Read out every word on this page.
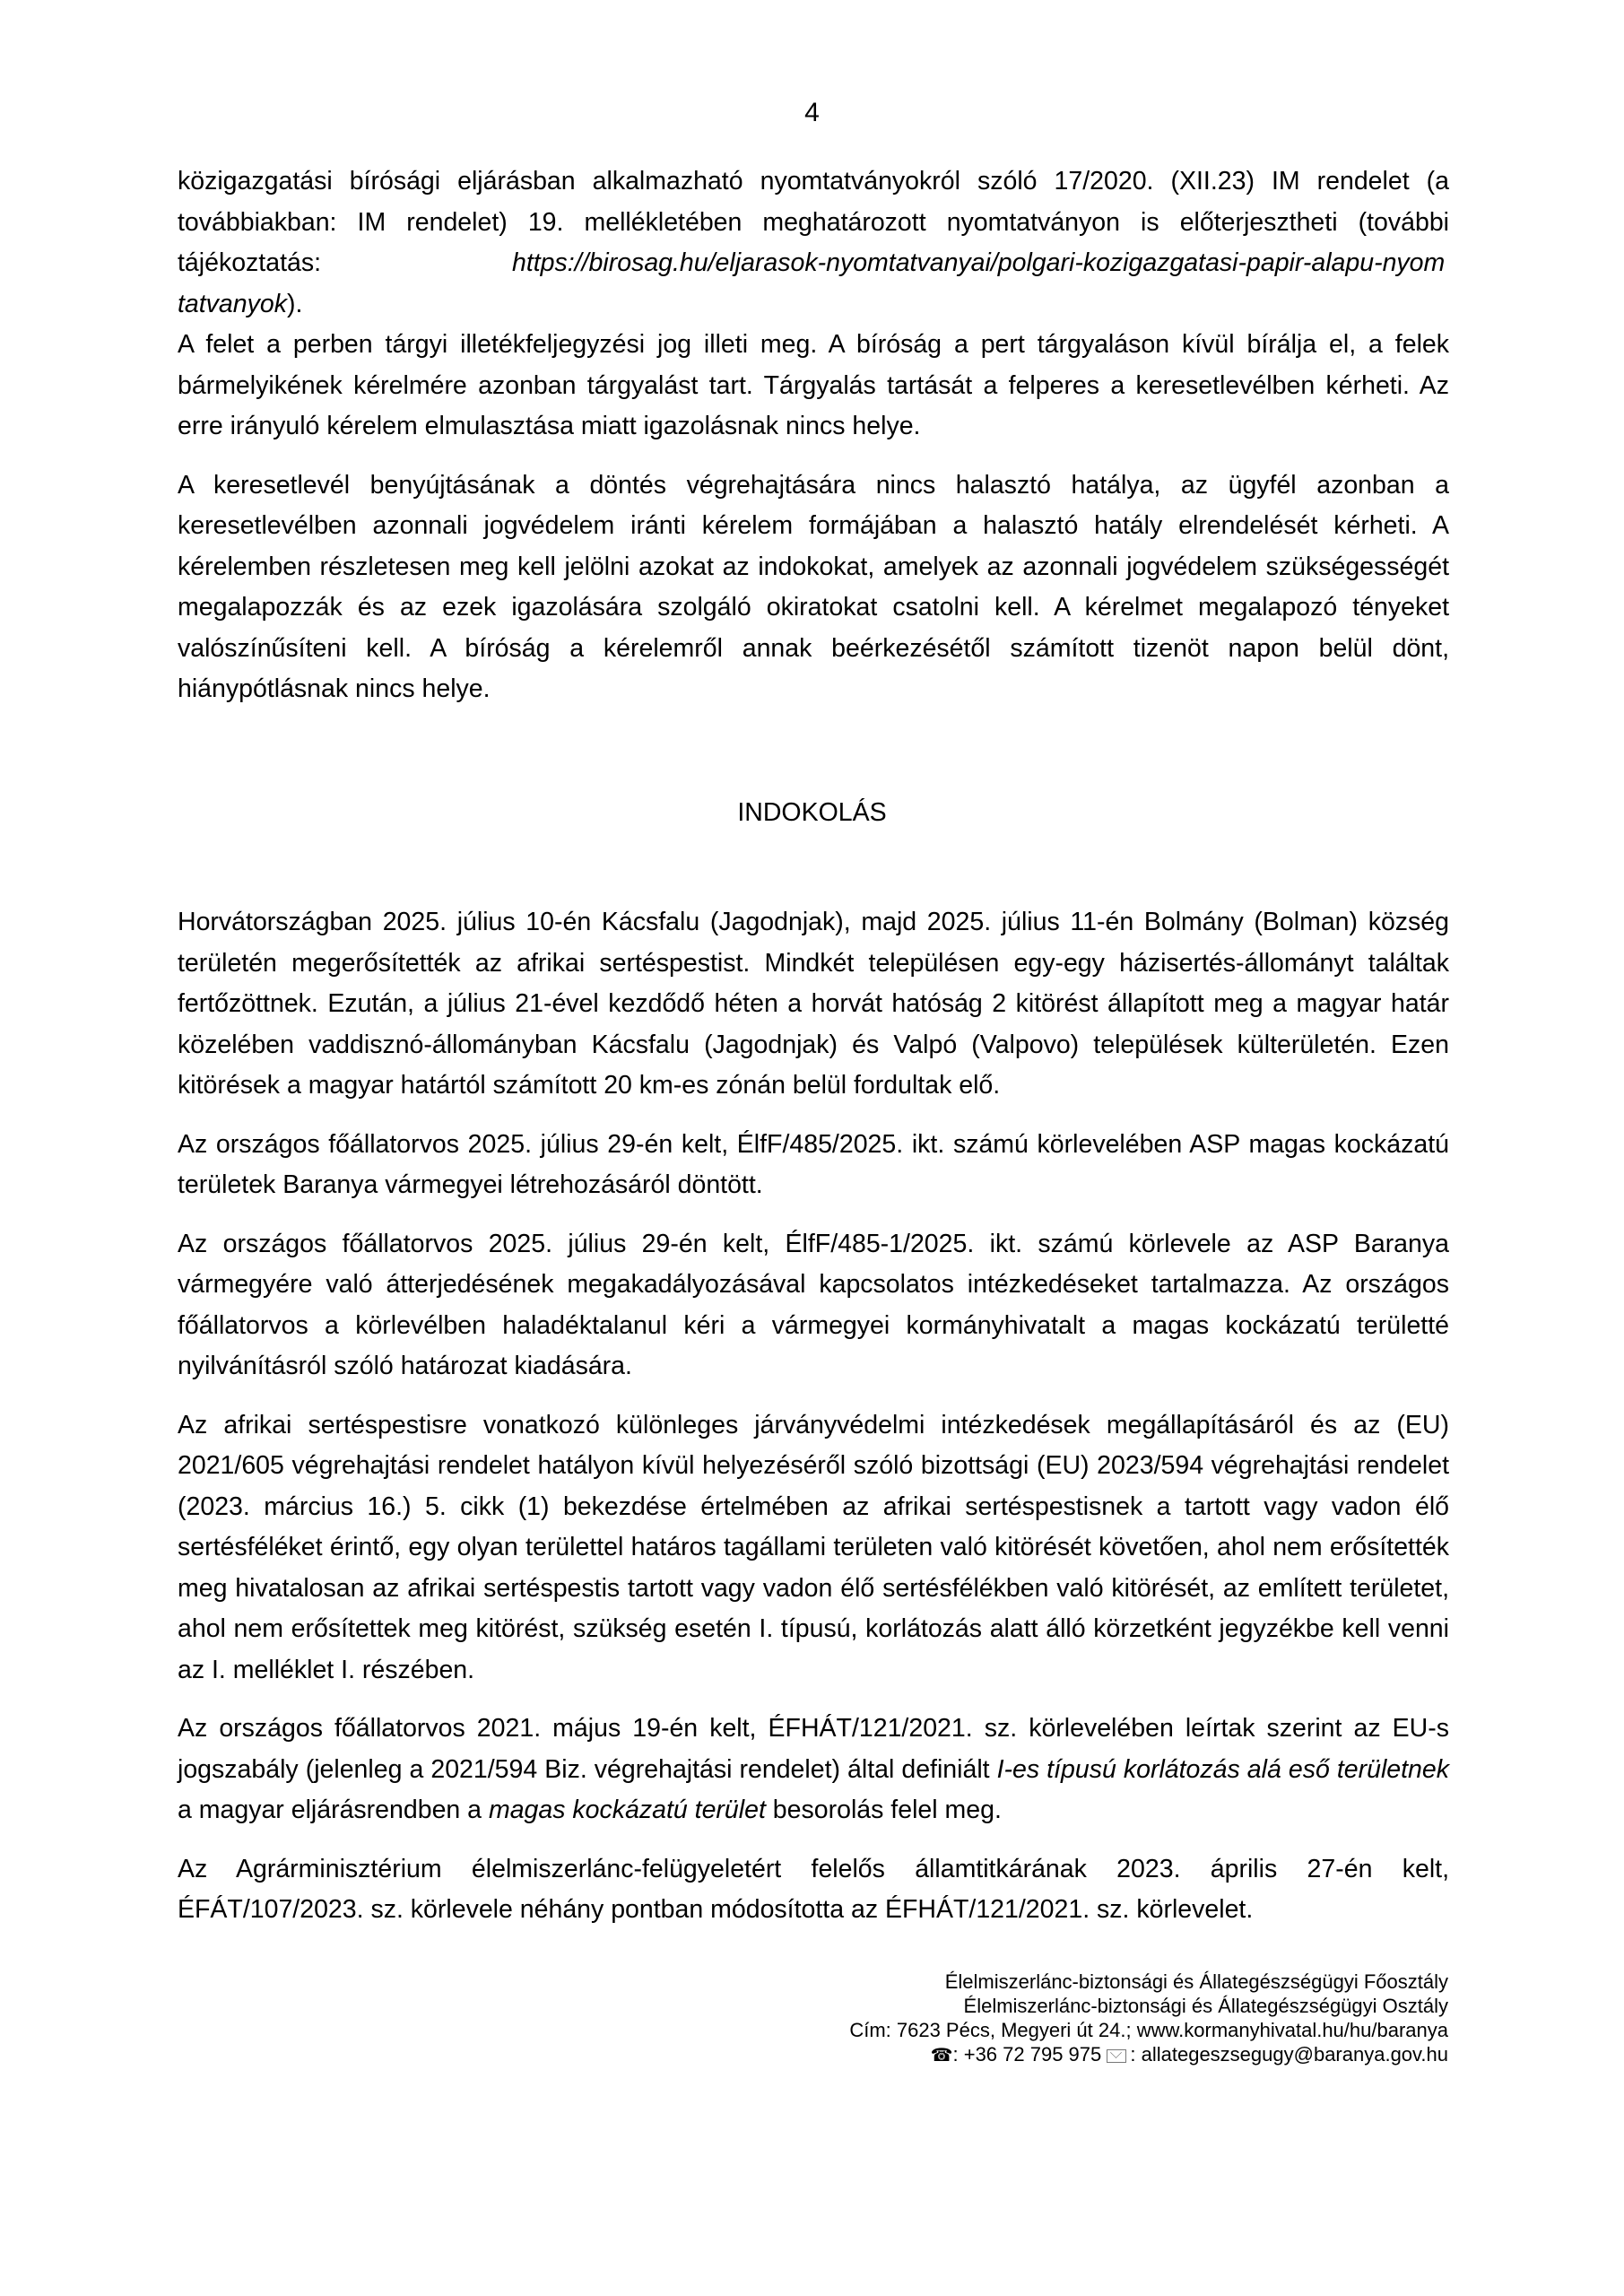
4

közigazgatási bírósági eljárásban alkalmazható nyomtatványokról szóló 17/2020. (XII.23) IM rendelet (a

továbbiakban: IM rendelet) 19. mellékletében meghatározott nyomtatványon is előterjesztheti (további

tájékoztatás:	https://birosag.hu/eljarasok-nyomtatvanyai/polgari-kozigazgatasi-papir-alapu-nyomtatvanyok).

A felet a perben tárgyi illetékfeljegyzési jog illeti meg. A bíróság a pert tárgyaláson kívül bírálja el, a felek bármelyikének kérelmére azonban tárgyalást tart. Tárgyalás tartását a felperes a keresetlevélben kérheti. Az erre irányuló kérelem elmulasztása miatt igazolásnak nincs helye.

A keresetlevél benyújtásának a döntés végrehajtására nincs halasztó hatálya, az ügyfél azonban a keresetlevélben azonnali jogvédelem iránti kérelem formájában a halasztó hatály elrendelését kérheti. A kérelemben részletesen meg kell jelölni azokat az indokokat, amelyek az azonnali jogvédelem szükségességét megalapozzák és az ezek igazolására szolgáló okiratokat csatolni kell. A kérelmet megalapozó tényeket valószínűsíteni kell. A bíróság a kérelemről annak beérkezésétől számított tizenöt napon belül dönt, hiánypótlásnak nincs helye.

INDOKOLÁS

Horvátországban 2025. július 10-én Kácsfalu (Jagodnjak), majd 2025. július 11-én Bolmány (Bolman) község területén megerősítették az afrikai sertéspestist. Mindkét településen egy-egy házisertés-állományt találtak fertőzöttnek. Ezután, a július 21-ével kezdődő héten a horvát hatóság 2 kitörést állapított meg a magyar határ közelében vaddisznó-állományban Kácsfalu (Jagodnjak) és Valpó (Valpovo) települések külterületén. Ezen kitörések a magyar határtól számított 20 km-es zónán belül fordultak elő.

Az országos főállatorvos 2025. július 29-én kelt, ÉlfF/485/2025. ikt. számú körlevelében ASP magas kockázatú területek Baranya vármegyei létrehozásáról döntött.

Az országos főállatorvos 2025. július 29-én kelt, ÉlfF/485-1/2025. ikt. számú körlevele az ASP Baranya vármegyére való átterjedésének megakadályozásával kapcsolatos intézkedéseket tartalmazza. Az országos főállatorvos a körlevélben haladéktalanul kéri a vármegyei kormányhivatalt a magas kockázatú területté nyilvánításról szóló határozat kiadására.

Az afrikai sertéspestisre vonatkozó különleges járványvédelmi intézkedések megállapításáról és az (EU) 2021/605 végrehajtási rendelet hatályon kívül helyezéséről szóló bizottsági (EU) 2023/594 végrehajtási rendelet (2023. március 16.) 5. cikk (1) bekezdése értelmében az afrikai sertéspestisnek a tartott vagy vadon élő sertésféléket érintő, egy olyan területtel határos tagállami területen való kitörését követően, ahol nem erősítették meg hivatalosan az afrikai sertéspestis tartott vagy vadon élő sertésfélékben való kitörését, az említett területet, ahol nem erősítettek meg kitörést, szükség esetén I. típusú, korlátozás alatt álló körzetként jegyzékbe kell venni az I. melléklet I. részében.

Az országos főállatorvos 2021. május 19-én kelt, ÉFHÁT/121/2021. sz. körlevelében leírtak szerint az EU-s jogszabály (jelenleg a 2021/594 Biz. végrehajtási rendelet) által definiált I-es típusú korlátozás alá eső területnek a magyar eljárásrendben a magas kockázatú terület besorolás felel meg.

Az Agrárminisztérium élelmiszerlánc-felügyeletért felelős államtitkárának 2023. április 27-én kelt, ÉFÁT/107/2023. sz. körlevele néhány pontban módosította az ÉFHÁT/121/2021. sz. körlevelet.

Élelmiszerlánc-biztonsági és Állategészségügyi Főosztály
Élelmiszerlánc-biztonsági és Állategészségügyi Osztály
Cím: 7623 Pécs, Megyeri út 24.; www.kormanyhivatal.hu/hu/baranya
☎: +36 72 795 975 : allategeszsegugy@baranya.gov.hu
